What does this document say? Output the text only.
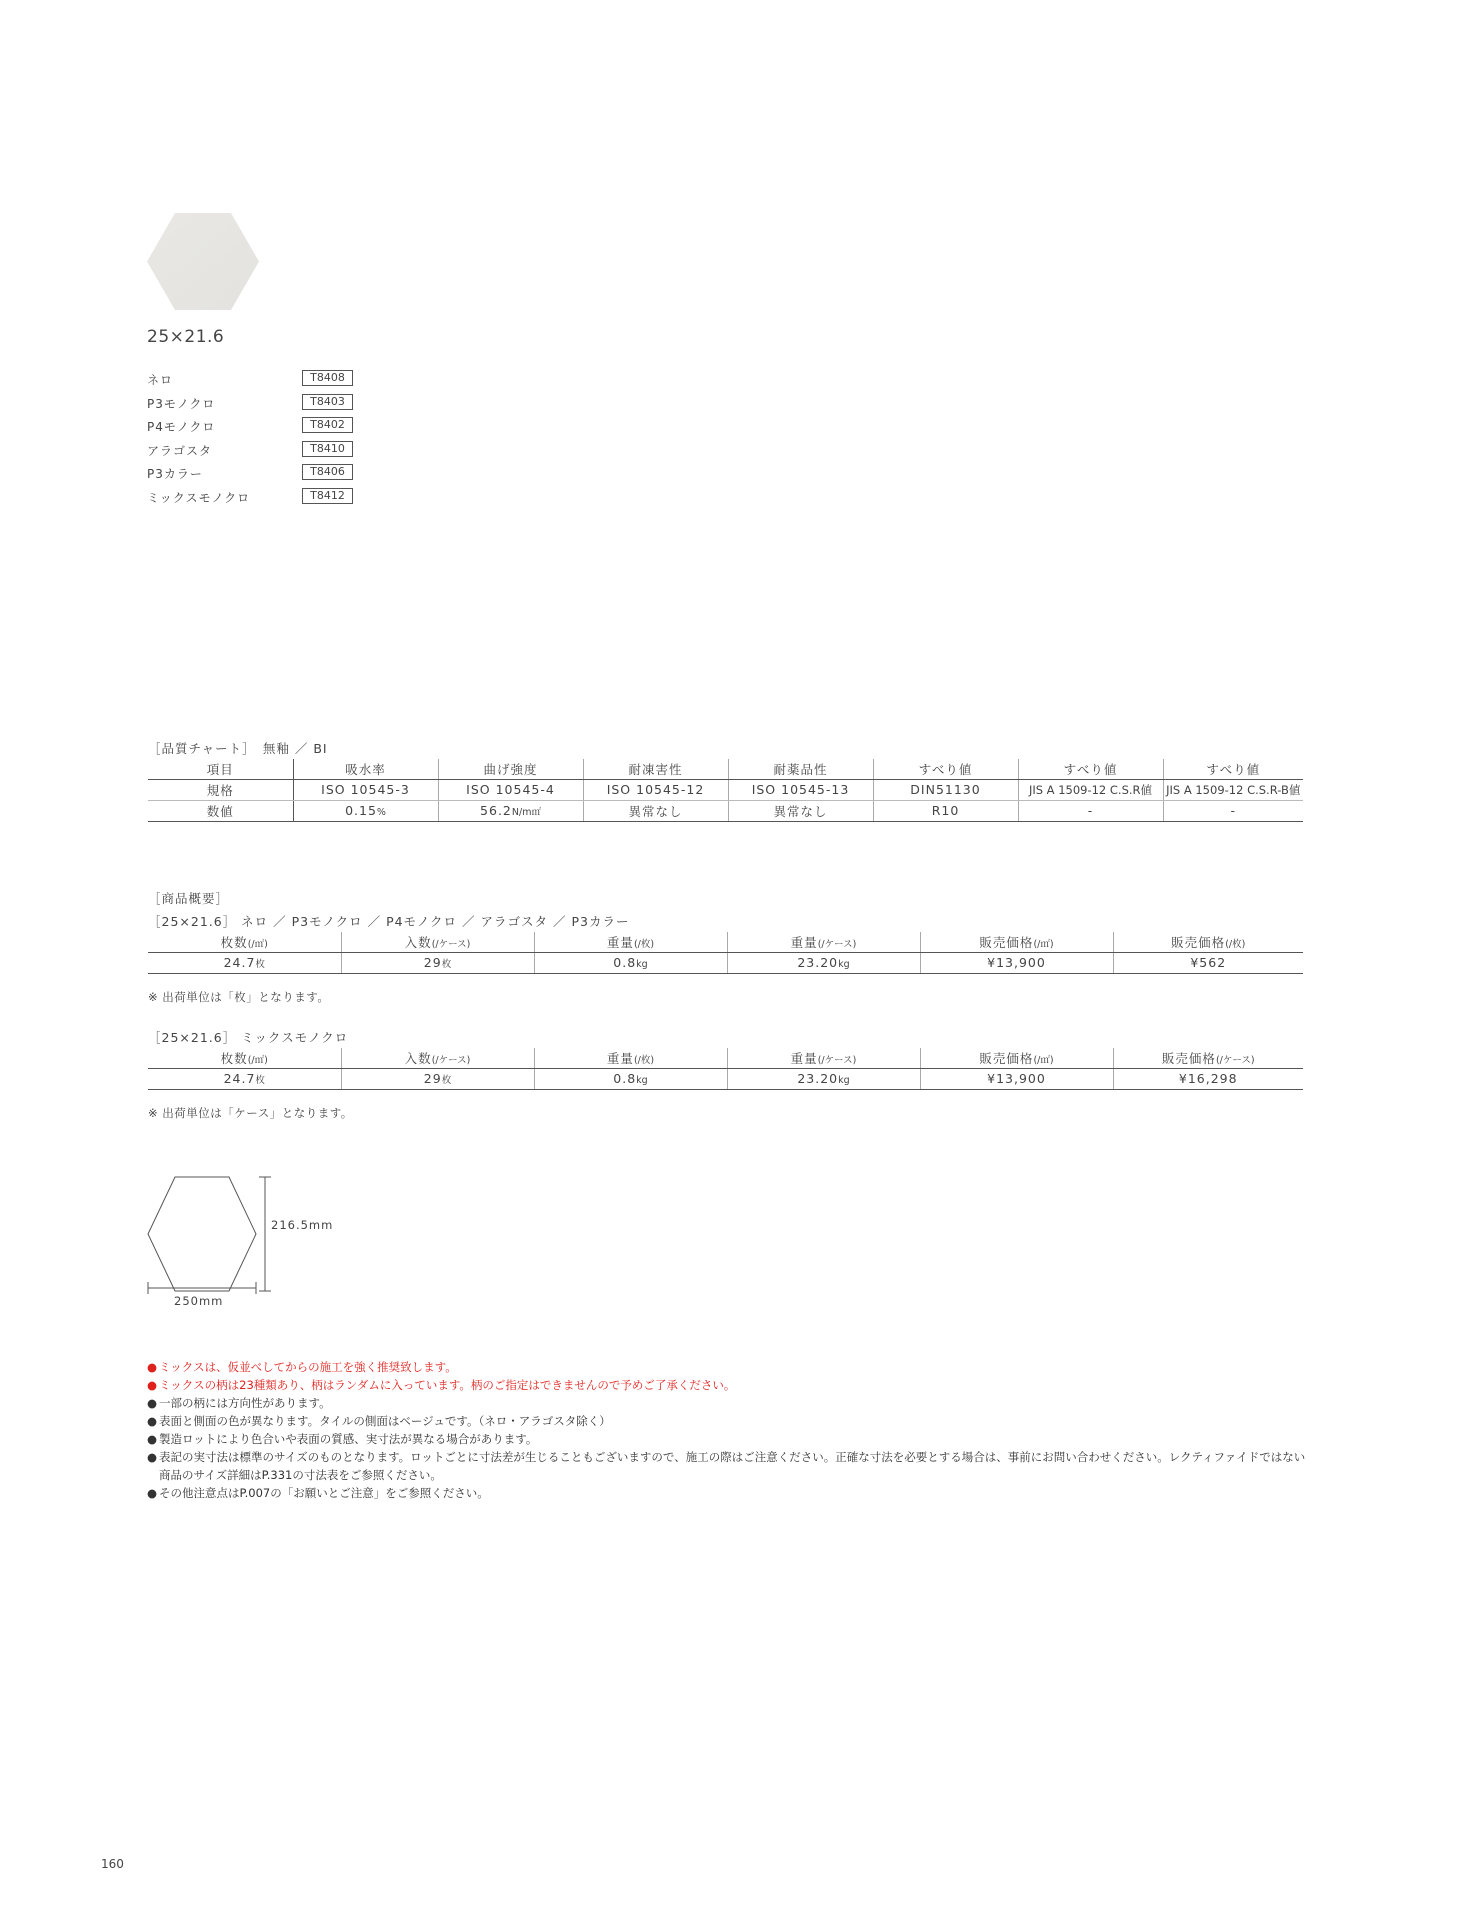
25×21.6
ネロ	T8408
P3モノクロ	T8403
P4モノクロ	T8402
アラゴスタ	T8410
P3カラー	T8406
ミックスモノクロ	T8412
［品質チャート］　無釉 ／ BⅠ
項目	吸水率	曲げ強度	耐凍害性	耐薬品性	すべり値	すべり値	すべり値
規格	ISO 10545-3	ISO 10545-4	ISO 10545-12	ISO 10545-13	DIN51130	JIS A 1509-12 C.S.R値	JIS A 1509-12 C.S.R-B値
数値	0.15%	56.2N/m㎡	異常なし	異常なし	R10	-	-
［商品概要］
［25×21.6］ ネロ ／ P3モノクロ ／ P4モノクロ ／ アラゴスタ ／ P3カラー
枚数(/㎡)	入数(/ケース)	重量(/枚)	重量(/ケース)	販売価格(/㎡)	販売価格(/枚)
24.7枚	29枚	0.8kg	23.20kg	¥13,900	¥562
※ 出荷単位は「枚」となります。
［25×21.6］ ミックスモノクロ
枚数(/㎡)	入数(/ケース)	重量(/枚)	重量(/ケース)	販売価格(/㎡)	販売価格(/ケース)
24.7枚	29枚	0.8kg	23.20kg	¥13,900	¥16,298
※ 出荷単位は「ケース」となります。
216.5mm
250mm
● ミックスは、仮並べしてからの施工を強く推奨致します。
● ミックスの柄は23種類あり、柄はランダムに入っています。柄のご指定はできませんので予めご了承ください。
● 一部の柄には方向性があります。
● 表面と側面の色が異なります。タイルの側面はベージュです。（ネロ・アラゴスタ除く）
● 製造ロットにより色合いや表面の質感、実寸法が異なる場合があります。
● 表記の実寸法は標準のサイズのものとなります。ロットごとに寸法差が生じることもございますので、施工の際はご注意ください。正確な寸法を必要とする場合は、事前にお問い合わせください。レクティファイドではない商品のサイズ詳細はP.331の寸法表をご参照ください。
● その他注意点はP.007の「お願いとご注意」をご参照ください。
160
